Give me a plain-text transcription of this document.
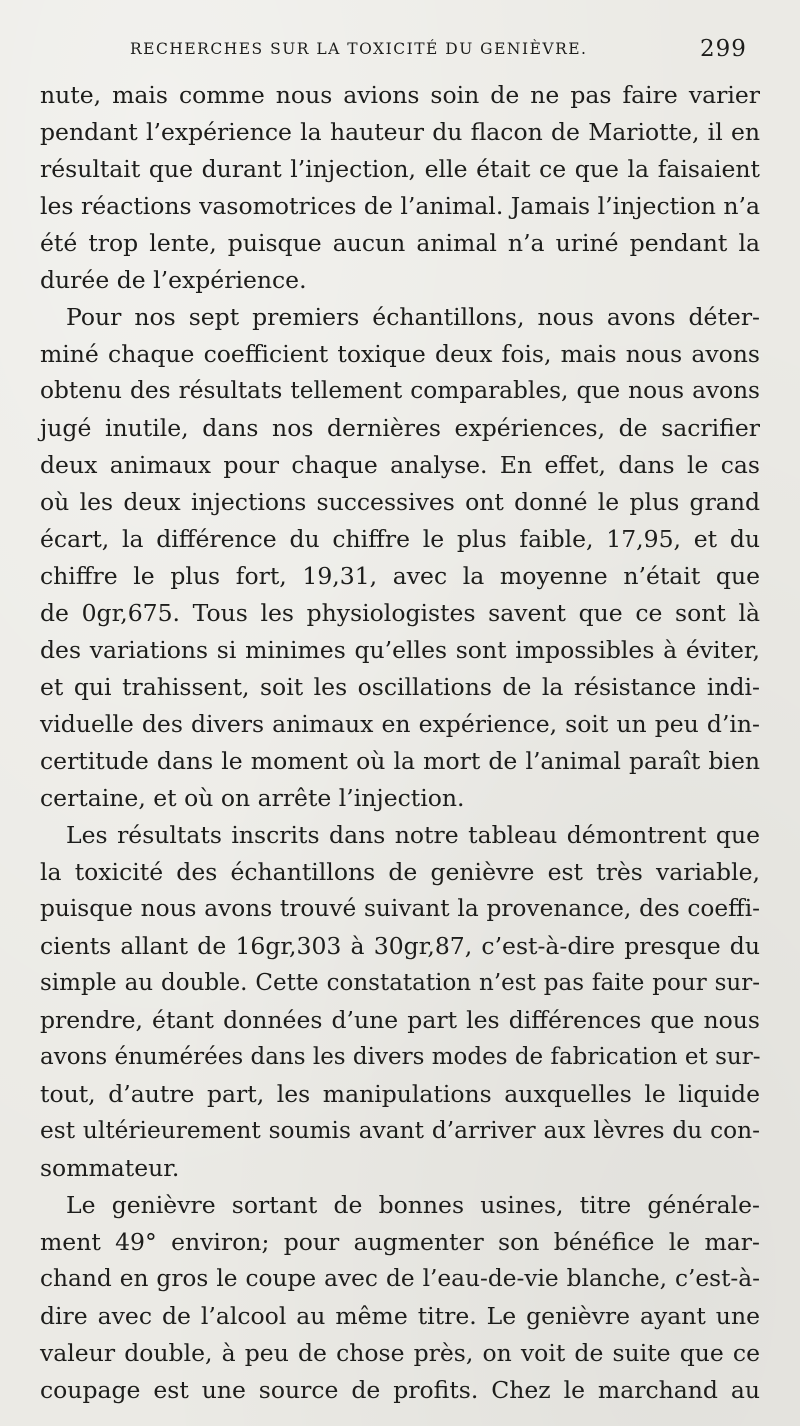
RECHERCHES SUR LA TOXICITÉ DU GENIÈVRE.	299
nute, mais comme nous avions soin de ne pas faire varier
pendant l’expérience la hauteur du flacon de Mariotte, il en
résultait que durant l’injection, elle était ce que la faisaient
les réactions vasomotrices de l’animal. Jamais l’injection n’a
été trop lente, puisque aucun animal n’a uriné pendant la
durée de l’expérience.
Pour nos sept premiers échantillons, nous avons déter-
miné chaque coefficient toxique deux fois, mais nous avons
obtenu des résultats tellement comparables, que nous avons
jugé inutile, dans nos dernières expériences, de sacrifier
deux animaux pour chaque analyse. En effet, dans le cas
où les deux injections successives ont donné le plus grand
écart, la différence du chiffre le plus faible, 17,95, et du
chiffre le plus fort, 19,31, avec la moyenne n’était que
de 0gr,675. Tous les physiologistes savent que ce sont là
des variations si minimes qu’elles sont impossibles à éviter,
et qui trahissent, soit les oscillations de la résistance indi-
viduelle des divers animaux en expérience, soit un peu d’in-
certitude dans le moment où la mort de l’animal paraît bien
certaine, et où on arrête l’injection.
Les résultats inscrits dans notre tableau démontrent que
la toxicité des échantillons de genièvre est très variable,
puisque nous avons trouvé suivant la provenance, des coeffi-
cients allant de 16gr,303 à 30gr,87, c’est-à-dire presque du
simple au double. Cette constatation n’est pas faite pour sur-
prendre, étant données d’une part les différences que nous
avons énumérées dans les divers modes de fabrication et sur-
tout, d’autre part, les manipulations auxquelles le liquide
est ultérieurement soumis avant d’arriver aux lèvres du con-
sommateur.
Le genièvre sortant de bonnes usines, titre générale-
ment 49° environ; pour augmenter son bénéfice le mar-
chand en gros le coupe avec de l’eau-de-vie blanche, c’est-à-
dire avec de l’alcool au même titre. Le genièvre ayant une
valeur double, à peu de chose près, on voit de suite que ce
coupage est une source de profits. Chez le marchand au
